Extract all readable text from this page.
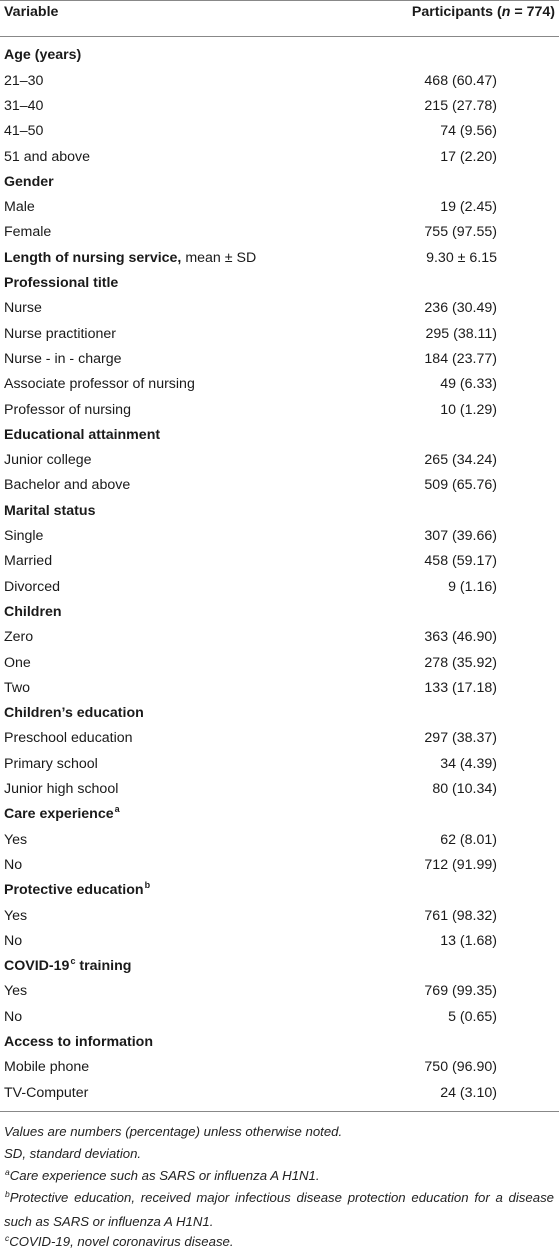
Variable	Participants (n = 774)
Age (years)
21–30	468 (60.47)
31–40	215 (27.78)
41–50	74 (9.56)
51 and above	17 (2.20)
Gender
Male	19 (2.45)
Female	755 (97.55)
Length of nursing service, mean ± SD	9.30 ± 6.15
Professional title
Nurse	236 (30.49)
Nurse practitioner	295 (38.11)
Nurse - in - charge	184 (23.77)
Associate professor of nursing	49 (6.33)
Professor of nursing	10 (1.29)
Educational attainment
Junior college	265 (34.24)
Bachelor and above	509 (65.76)
Marital status
Single	307 (39.66)
Married	458 (59.17)
Divorced	9 (1.16)
Children
Zero	363 (46.90)
One	278 (35.92)
Two	133 (17.18)
Children’s education
Preschool education	297 (38.37)
Primary school	34 (4.39)
Junior high school	80 (10.34)
Care experience$^a$
Yes	62 (8.01)
No	712 (91.99)
Protective education$^b$
Yes	761 (98.32)
No	13 (1.68)
COVID-19$^c$ training
Yes	769 (99.35)
No	5 (0.65)
Access to information
Mobile phone	750 (96.90)
TV-Computer	24 (3.10)
Values are numbers (percentage) unless otherwise noted.
SD, standard deviation.
$^a$Care experience such as SARS or influenza A H1N1.
$^b$Protective education, received major infectious disease protection education for a disease such as SARS or influenza A H1N1.
$^c$COVID-19, novel coronavirus disease.
